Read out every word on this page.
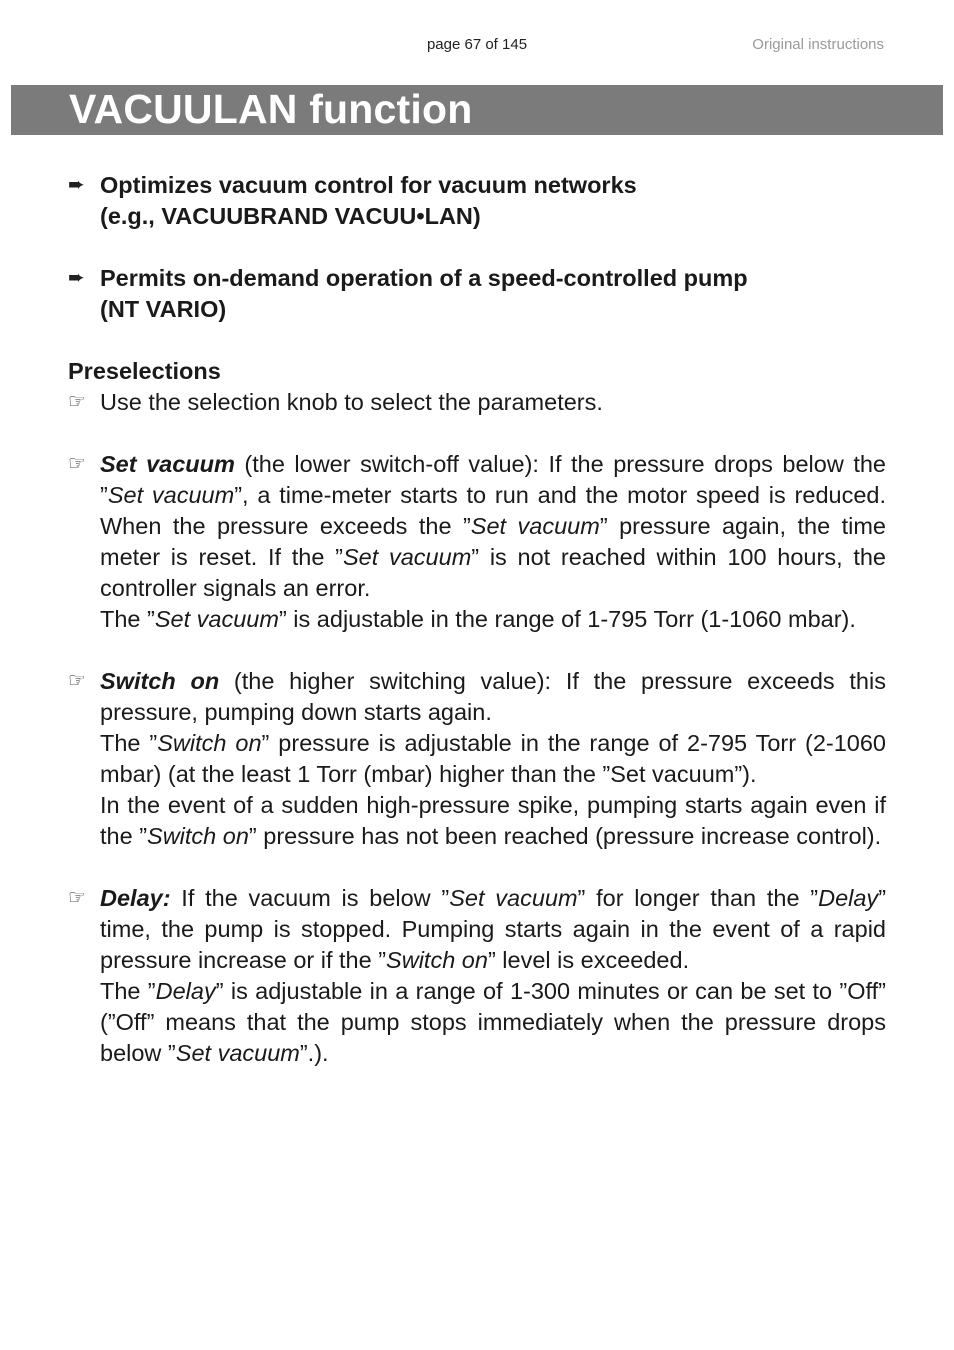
page 67 of 145	Original instructions
VACUULAN function
➨ Optimizes vacuum control for vacuum networks
(e.g., VACUUBRAND VACUU•LAN)
➨ Permits on-demand operation of a speed-controlled pump
(NT VARIO)
Preselections
☞ Use the selection knob to select the parameters.
☞ Set vacuum (the lower switch-off value): If the pressure drops below the ”Set vacuum”, a time-meter starts to run and the motor speed is reduced. When the pressure exceeds the ”Set vacuum” pressure again, the time meter is reset. If the ”Set vacuum” is not reached within 100 hours, the controller signals an error.
The ”Set vacuum” is adjustable in the range of 1-795 Torr (1-1060 mbar).
☞ Switch on (the higher switching value): If the pressure exceeds this pressure, pumping down starts again.
The ”Switch on” pressure is adjustable in the range of 2-795 Torr (2-1060 mbar) (at the least 1 Torr (mbar) higher than the ”Set vacuum”).
In the event of a sudden high-pressure spike, pumping starts again even if the ”Switch on” pressure has not been reached (pressure increase control).
☞ Delay: If the vacuum is below ”Set vacuum” for longer than the ”Delay” time, the pump is stopped. Pumping starts again in the event of a rapid pressure increase or if the ”Switch on” level is exceeded.
The ”Delay” is adjustable in a range of 1-300 minutes or can be set to ”Off” (”Off” means that the pump stops immediately when the pressure drops below ”Set vacuum”.).
